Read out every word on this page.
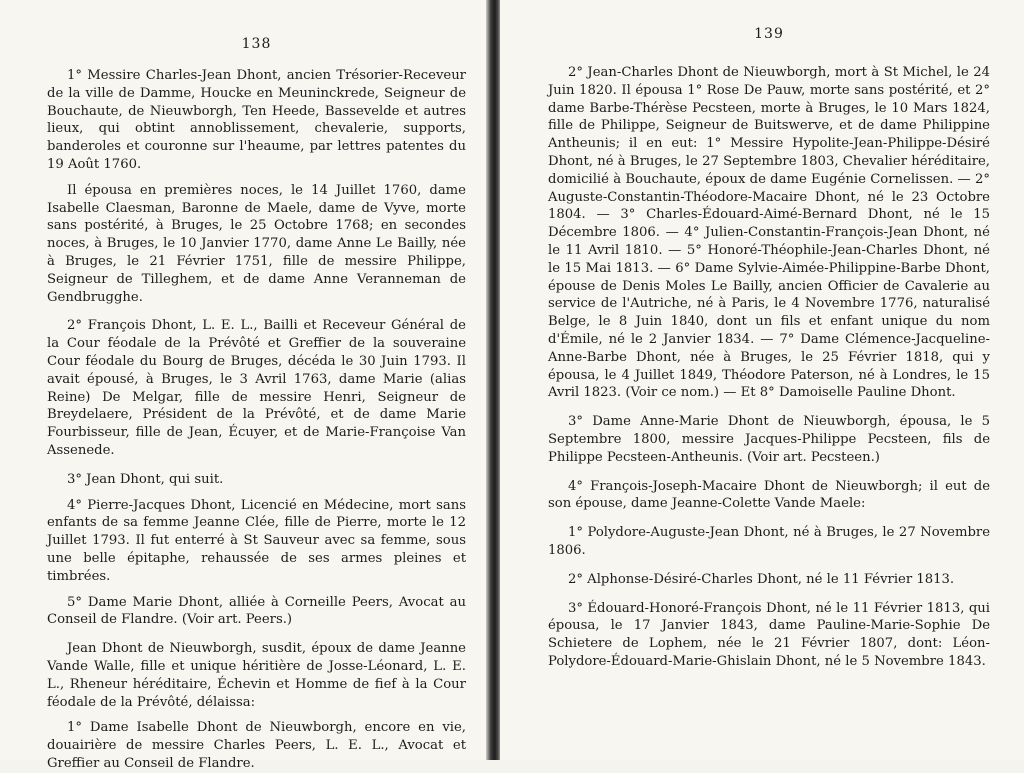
138

1° Messire Charles-Jean Dhont, ancien Trésorier-Receveur de la ville de Damme, Houcke en Meuninckrede, Seigneur de Bouchaute, de Nieuwborgh, Ten Heede, Bassevelde et autres lieux, qui obtint annoblissement, chevalerie, supports, banderoles et couronne sur l'heaume, par lettres patentes du 19 Août 1760.

Il épousa en premières noces, le 14 Juillet 1760, dame Isabelle Claesman, Baronne de Maele, dame de Vyve, morte sans postérité, à Bruges, le 25 Octobre 1768; en secondes noces, à Bruges, le 10 Janvier 1770, dame Anne Le Bailly, née à Bruges, le 21 Février 1751, fille de messire Philippe, Seigneur de Tilleghem, et de dame Anne Veranneman de Gendbrugghe.

2° François Dhont, L. E. L., Bailli et Receveur Général de la Cour féodale de la Prévôté et Greffier de la souveraine Cour féodale du Bourg de Bruges, décéda le 30 Juin 1793. Il avait épousé, à Bruges, le 3 Avril 1763, dame Marie (alias Reine) De Melgar, fille de messire Henri, Seigneur de Breydelaere, Président de la Prévôté, et de dame Marie Fourbisseur, fille de Jean, Écuyer, et de Marie-Françoise Van Assenede.

3° Jean Dhont, qui suit.

4° Pierre-Jacques Dhont, Licencié en Médecine, mort sans enfants de sa femme Jeanne Clée, fille de Pierre, morte le 12 Juillet 1793. Il fut enterré à St Sauveur avec sa femme, sous une belle épitaphe, rehaussée de ses armes pleines et timbrées.

5° Dame Marie Dhont, alliée à Corneille Peers, Avocat au Conseil de Flandre. (Voir art. Peers.)

Jean Dhont de Nieuwborgh, susdit, époux de dame Jeanne Vande Walle, fille et unique héritière de Josse-Léonard, L. E. L., Rheneur héréditaire, Échevin et Homme de fief à la Cour féodale de la Prévôté, délaissa:

1° Dame Isabelle Dhont de Nieuwborgh, encore en vie, douairière de messire Charles Peers, L. E. L., Avocat et Greffier au Conseil de Flandre.

139

2° Jean-Charles Dhont de Nieuwborgh, mort à St Michel, le 24 Juin 1820. Il épousa 1° Rose De Pauw, morte sans postérité, et 2° dame Barbe-Thérèse Pecsteen, morte à Bruges, le 10 Mars 1824, fille de Philippe, Seigneur de Buitswerve, et de dame Philippine Antheunis; il en eut: 1° Messire Hypolite-Jean-Philippe-Désiré Dhont, né à Bruges, le 27 Septembre 1803, Chevalier héréditaire, domicilié à Bouchaute, époux de dame Eugénie Cornelissen. — 2° Auguste-Constantin-Théodore-Macaire Dhont, né le 23 Octobre 1804. — 3° Charles-Édouard-Aimé-Bernard Dhont, né le 15 Décembre 1806. — 4° Julien-Constantin-François-Jean Dhont, né le 11 Avril 1810. — 5° Honoré-Théophile-Jean-Charles Dhont, né le 15 Mai 1813. — 6° Dame Sylvie-Aimée-Philippine-Barbe Dhont, épouse de Denis Moles Le Bailly, ancien Officier de Cavalerie au service de l'Autriche, né à Paris, le 4 Novembre 1776, naturalisé Belge, le 8 Juin 1840, dont un fils et enfant unique du nom d'Émile, né le 2 Janvier 1834. — 7° Dame Clémence-Jacqueline-Anne-Barbe Dhont, née à Bruges, le 25 Février 1818, qui y épousa, le 4 Juillet 1849, Théodore Paterson, né à Londres, le 15 Avril 1823. (Voir ce nom.) — Et 8° Damoiselle Pauline Dhont.

3° Dame Anne-Marie Dhont de Nieuwborgh, épousa, le 5 Septembre 1800, messire Jacques-Philippe Pecsteen, fils de Philippe Pecsteen-Antheunis. (Voir art. Pecsteen.)

4° François-Joseph-Macaire Dhont de Nieuwborgh; il eut de son épouse, dame Jeanne-Colette Vande Maele:

1° Polydore-Auguste-Jean Dhont, né à Bruges, le 27 Novembre 1806.

2° Alphonse-Désiré-Charles Dhont, né le 11 Février 1813.

3° Édouard-Honoré-François Dhont, né le 11 Février 1813, qui épousa, le 17 Janvier 1843, dame Pauline-Marie-Sophie De Schietere de Lophem, née le 21 Février 1807, dont: Léon-Polydore-Édouard-Marie-Ghislain Dhont, né le 5 Novembre 1843.
